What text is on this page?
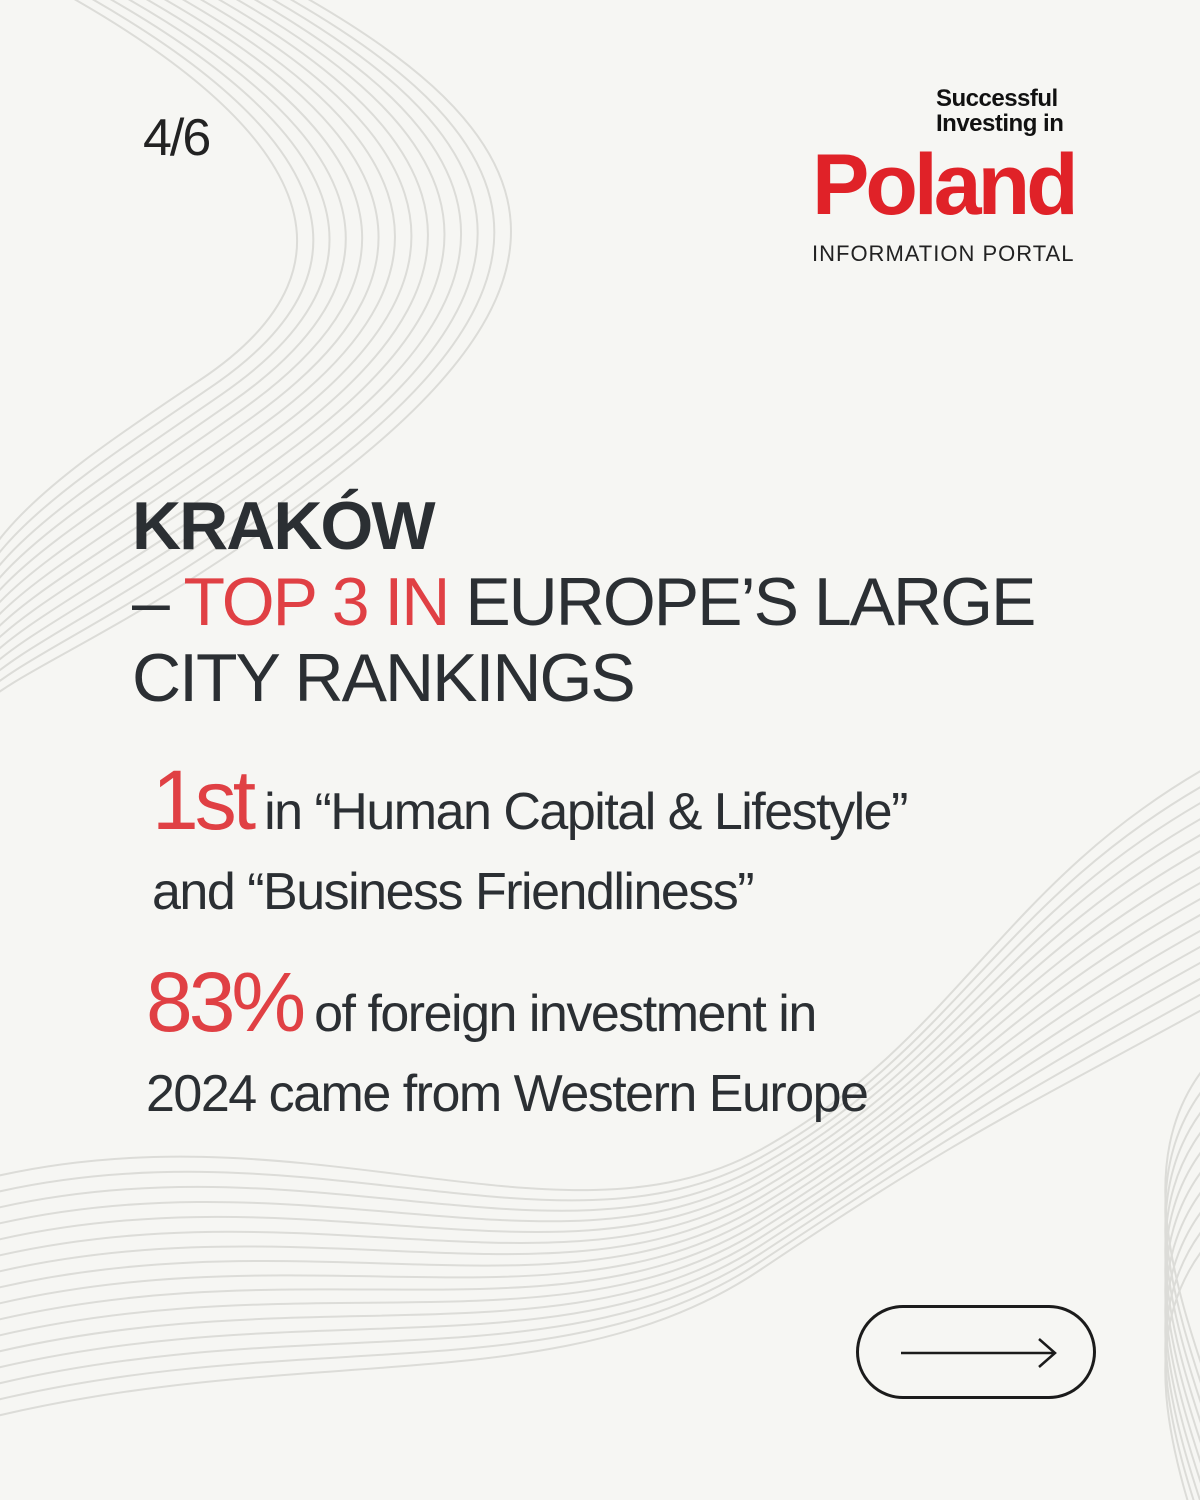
4/6

Successful

Investing in

Poland

INFORMATION PORTAL

KRAKÓW
– TOP 3 IN EUROPE’S LARGE
CITY RANKINGS

1st in “Human Capital & Lifestyle”
and “Business Friendliness”

83% of foreign investment in
2024 came from Western Europe
